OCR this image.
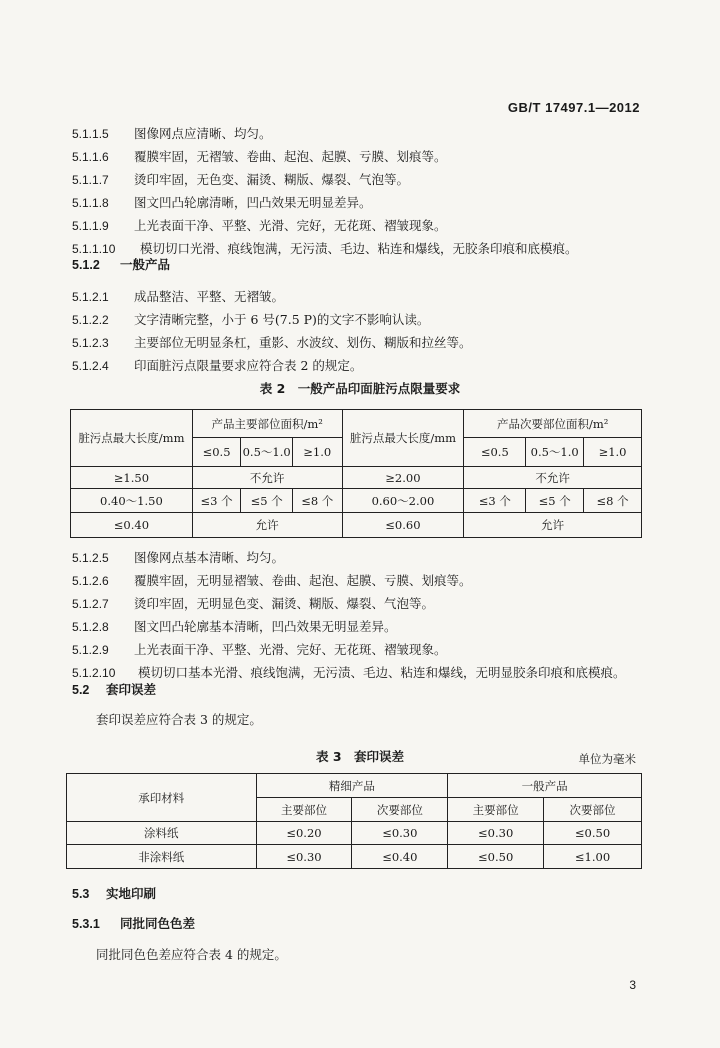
GB/T 17497.1—2012
5.1.1.5 图像网点应清晰、均匀。
5.1.1.6 覆膜牢固，无褶皱、卷曲、起泡、起膜、亏膜、划痕等。
5.1.1.7 烫印牢固，无色变、漏烫、糊版、爆裂、气泡等。
5.1.1.8 图文凹凸轮廓清晰，凹凸效果无明显差异。
5.1.1.9 上光表面干净、平整、光滑、完好，无花斑、褶皱现象。
5.1.1.10 模切切口光滑、痕线饱满，无污渍、毛边、粘连和爆线，无胶条印痕和底模痕。
5.1.2 一般产品
5.1.2.1 成品整洁、平整、无褶皱。
5.1.2.2 文字清晰完整，小于 6 号(7.5 P)的文字不影响认读。
5.1.2.3 主要部位无明显条杠，重影、水波纹、划伤、糊版和拉丝等。
5.1.2.4 印面脏污点限量要求应符合表 2 的规定。
表 2　一般产品印面脏污点限量要求
脏污点最大长度/mm	产品主要部位面积/m²			脏污点最大长度/mm	产品次要部位面积/m²		
	≤0.5	0.5～1.0	≥1.0		≤0.5	0.5～1.0	≥1.0
≥1.50	不允许			≥2.00	不允许		
0.40～1.50	≤3 个	≤5 个	≤8 个	0.60～2.00	≤3 个	≤5 个	≤8 个
≤0.40	允许			≤0.60	允许		
5.1.2.5 图像网点基本清晰、均匀。
5.1.2.6 覆膜牢固，无明显褶皱、卷曲、起泡、起膜、亏膜、划痕等。
5.1.2.7 烫印牢固，无明显色变、漏烫、糊版、爆裂、气泡等。
5.1.2.8 图文凹凸轮廓基本清晰，凹凸效果无明显差异。
5.1.2.9 上光表面干净、平整、光滑、完好、无花斑、褶皱现象。
5.1.2.10 模切切口基本光滑、痕线饱满，无污渍、毛边、粘连和爆线，无明显胶条印痕和底模痕。
5.2 套印误差
套印误差应符合表 3 的规定。
表 3　套印误差	单位为毫米
承印材料	精细产品		一般产品	
	主要部位	次要部位	主要部位	次要部位
涂料纸	≤0.20	≤0.30	≤0.30	≤0.50
非涂料纸	≤0.30	≤0.40	≤0.50	≤1.00
5.3 实地印刷
5.3.1 同批同色色差
同批同色色差应符合表 4 的规定。
3
